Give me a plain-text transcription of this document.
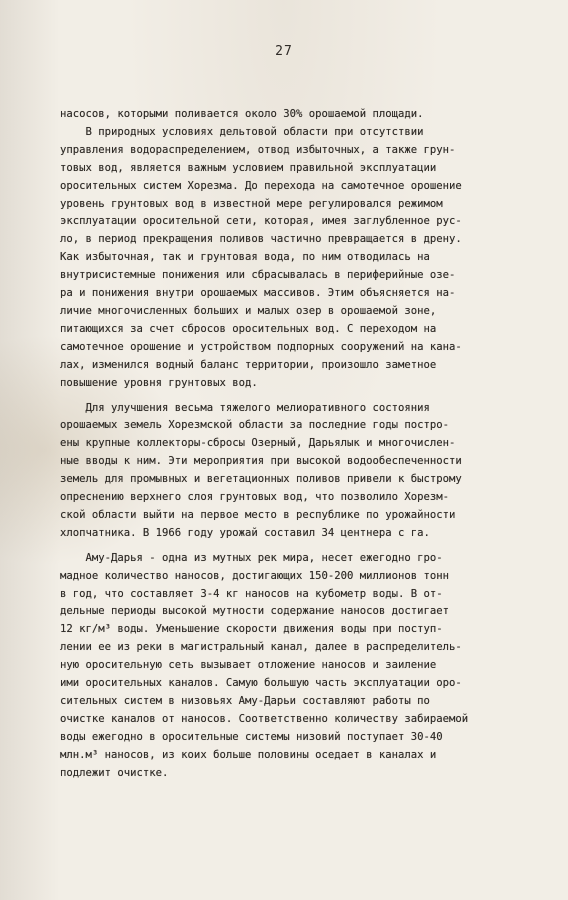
27
насосов, которыми поливается около 30% орошаемой площади.
В природных условиях дельтовой области при отсутствии
управления водораспределением, отвод избыточных, а также грун-
товых вод, является важным условием правильной эксплуатации
оросительных систем Хорезма. До перехода на самотечное орошение
уровень грунтовых вод в известной мере регулировался режимом
эксплуатации оросительной сети, которая, имея заглубленное рус-
ло, в период прекращения поливов частично превращается в дрену.
Как избыточная, так и грунтовая вода, по ним отводилась на
внутрисистемные понижения или сбрасывалась в периферийные озе-
ра и понижения внутри орошаемых массивов. Этим объясняется на-
личие многочисленных больших и малых озер в орошаемой зоне,
питающихся за счет сбросов оросительных вод. С переходом на
самотечное орошение и устройством подпорных сооружений на кана-
лах, изменился водный баланс территории, произошло заметное
повышение уровня грунтовых вод.
Для улучшения весьма тяжелого мелиоративного состояния
орошаемых земель Хорезмской области за последние годы постро-
ены крупные коллекторы-сбросы Озерный, Дарьялык и многочислен-
ные вводы к ним. Эти мероприятия при высокой водообеспеченности
земель для промывных и вегетационных поливов привели к быстрому
опреснению верхнего слоя грунтовых вод, что позволило Хорезм-
ской области выйти на первое место в республике по урожайности
хлопчатника. В 1966 году урожай составил 34 центнера с га.
Аму-Дарья - одна из мутных рек мира, несет ежегодно гро-
мадное количество наносов, достигающих 150-200 миллионов тонн
в год, что составляет 3-4 кг наносов на кубометр воды. В от-
дельные периоды высокой мутности содержание наносов достигает
12 кг/м³ воды. Уменьшение скорости движения воды при поступ-
лении ее из реки в магистральный канал, далее в распределитель-
ную оросительную сеть вызывает отложение наносов и заиление
ими оросительных каналов. Самую большую часть эксплуатации оро-
сительных систем в низовьях Аму-Дарьи составляют работы по
очистке каналов от наносов. Соответственно количеству забираемой
воды ежегодно в оросительные системы низовий поступает 30-40
млн.м³ наносов, из коих больше половины оседает в каналах и
подлежит очистке.
